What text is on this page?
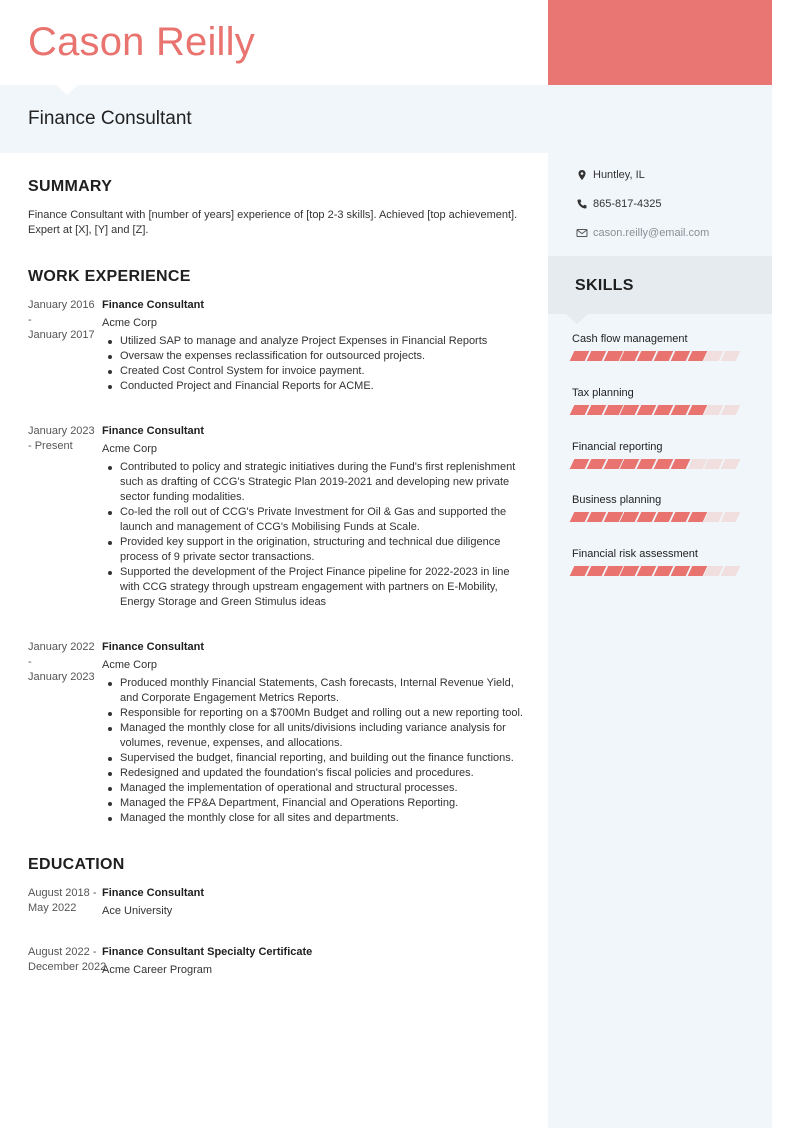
Cason Reilly
Finance Consultant
SUMMARY
Finance Consultant with [number of years] experience of [top 2-3 skills]. Achieved [top achievement]. Expert at [X], [Y] and [Z].
WORK EXPERIENCE
January 2016
-
January 2017
Finance Consultant
Acme Corp
Utilized SAP to manage and analyze Project Expenses in Financial Reports
Oversaw the expenses reclassification for outsourced projects.
Created Cost Control System for invoice payment.
Conducted Project and Financial Reports for ACME.
January 2023
- Present
Finance Consultant
Acme Corp
Contributed to policy and strategic initiatives during the Fund's first replenishment such as drafting of CCG's Strategic Plan 2019-2021 and developing new private sector funding modalities.
Co-led the roll out of CCG's Private Investment for Oil & Gas and supported the launch and management of CCG's Mobilising Funds at Scale.
Provided key support in the origination, structuring and technical due diligence process of 9 private sector transactions.
Supported the development of the Project Finance pipeline for 2022-2023 in line with CCG strategy through upstream engagement with partners on E-Mobility, Energy Storage and Green Stimulus ideas
January 2022
-
January 2023
Finance Consultant
Acme Corp
Produced monthly Financial Statements, Cash forecasts, Internal Revenue Yield, and Corporate Engagement Metrics Reports.
Responsible for reporting on a $700Mn Budget and rolling out a new reporting tool.
Managed the monthly close for all units/divisions including variance analysis for volumes, revenue, expenses, and allocations.
Supervised the budget, financial reporting, and building out the finance functions.
Redesigned and updated the foundation's fiscal policies and procedures.
Managed the implementation of operational and structural processes.
Managed the FP&A Department, Financial and Operations Reporting.
Managed the monthly close for all sites and departments.
EDUCATION
August 2018 -
May 2022
Finance Consultant
Ace University
August 2022 -
December 2022
Finance Consultant Specialty Certificate
Acme Career Program
Huntley, IL
865-817-4325
cason.reilly@email.com
SKILLS
Cash flow management
Tax planning
Financial reporting
Business planning
Financial risk assessment
